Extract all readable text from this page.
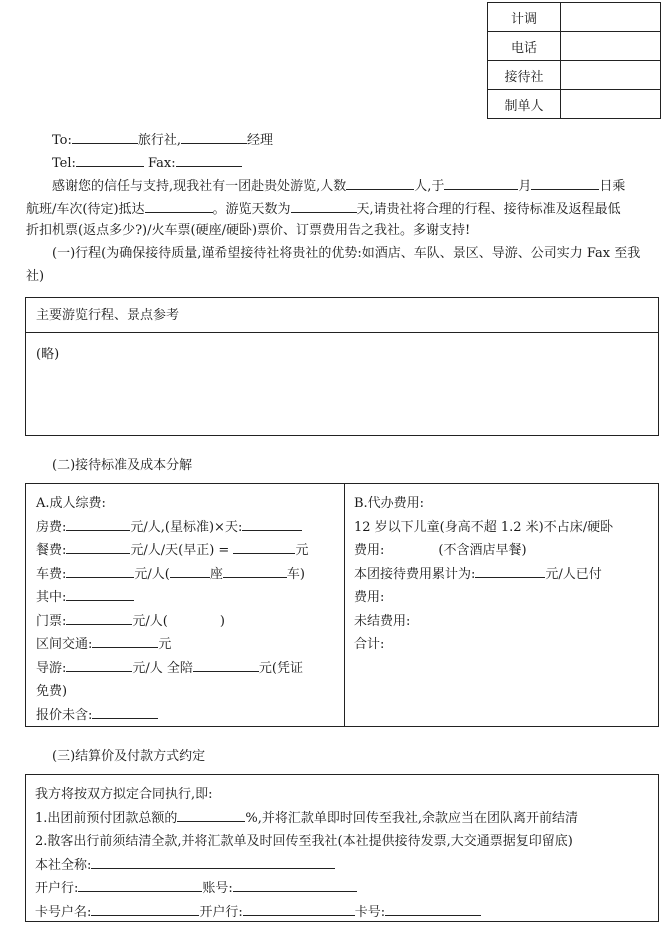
计调	
电话	
接待社	
制单人	
To:	旅行社,	经理
Tel:	Fax:
感谢您的信任与支持,现我社有一团赴贵处游览,人数	人,于	月	日乘
航班/车次(待定)抵达	。游览天数为	天,请贵社将合理的行程、接待标准及返程最低
折扣机票(返点多少?)/火车票(硬座/硬卧)票价、订票费用告之我社。多谢支持!
(一)行程(为确保接待质量,谨希望接待社将贵社的优势:如酒店、车队、景区、导游、公司实力 Fax 至我
社)
主要游览行程、景点参考
(略)
(二)接待标准及成本分解
A.成人综费:
房费:	元/人,(星标准)×天:
餐费:	元/人/天(早正) =	元
车费:	元/人(	座	车)
其中:
门票:	元/人(	)
区间交通:	元
导游:	元/人 全陪	元(凭证
免费)
报价未含:
B.代办费用:
12 岁以下儿童(身高不超 1.2 米)不占床/硬卧
费用:	(不含酒店早餐)
本团接待费用累计为:	元/人已付
费用:
未结费用:
合计:
(三)结算价及付款方式约定
我方将按双方拟定合同执行,即:
1.出团前预付团款总额的	%,并将汇款单即时回传至我社,余款应当在团队离开前结清
2.散客出行前须结清全款,并将汇款单及时回传至我社(本社提供接待发票,大交通票据复印留底)
本社全称:
开户行:	账号:
卡号户名:	开户行:	卡号:
